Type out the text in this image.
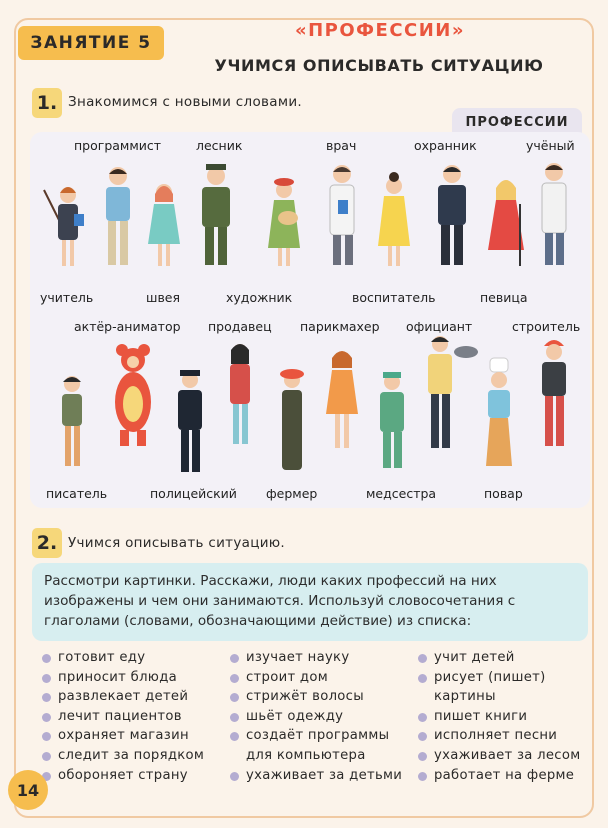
ЗАНЯТИЕ 5
«ПРОФЕССИИ»
УЧИМСЯ ОПИСЫВАТЬ СИТУАЦИЮ
1. Знакомимся с новыми словами.
ПРОФЕССИИ
программист	лесник	врач	охранник	учёный
учитель	швея	художник	воспитатель	певица
актёр-аниматор продавец парикмахер официант	строитель
писатель	полицейский фермер	медсестра	повар
2. Учимся описывать ситуацию.
Рассмотри картинки. Расскажи, люди каких профессий на них изображены и чем они занимаются. Используй словосочетания с глаголами (словами, обозначающими действие) из списка:
готовит еду
приносит блюда
развлекает детей
лечит пациентов
охраняет магазин
следит за порядком
обороняет страну
изучает науку
строит дом
стрижёт волосы
шьёт одежду
создаёт программы для компьютера
ухаживает за детьми
учит детей
рисует (пишет) картины
пишет книги
исполняет песни
ухаживает за лесом
работает на ферме
14
